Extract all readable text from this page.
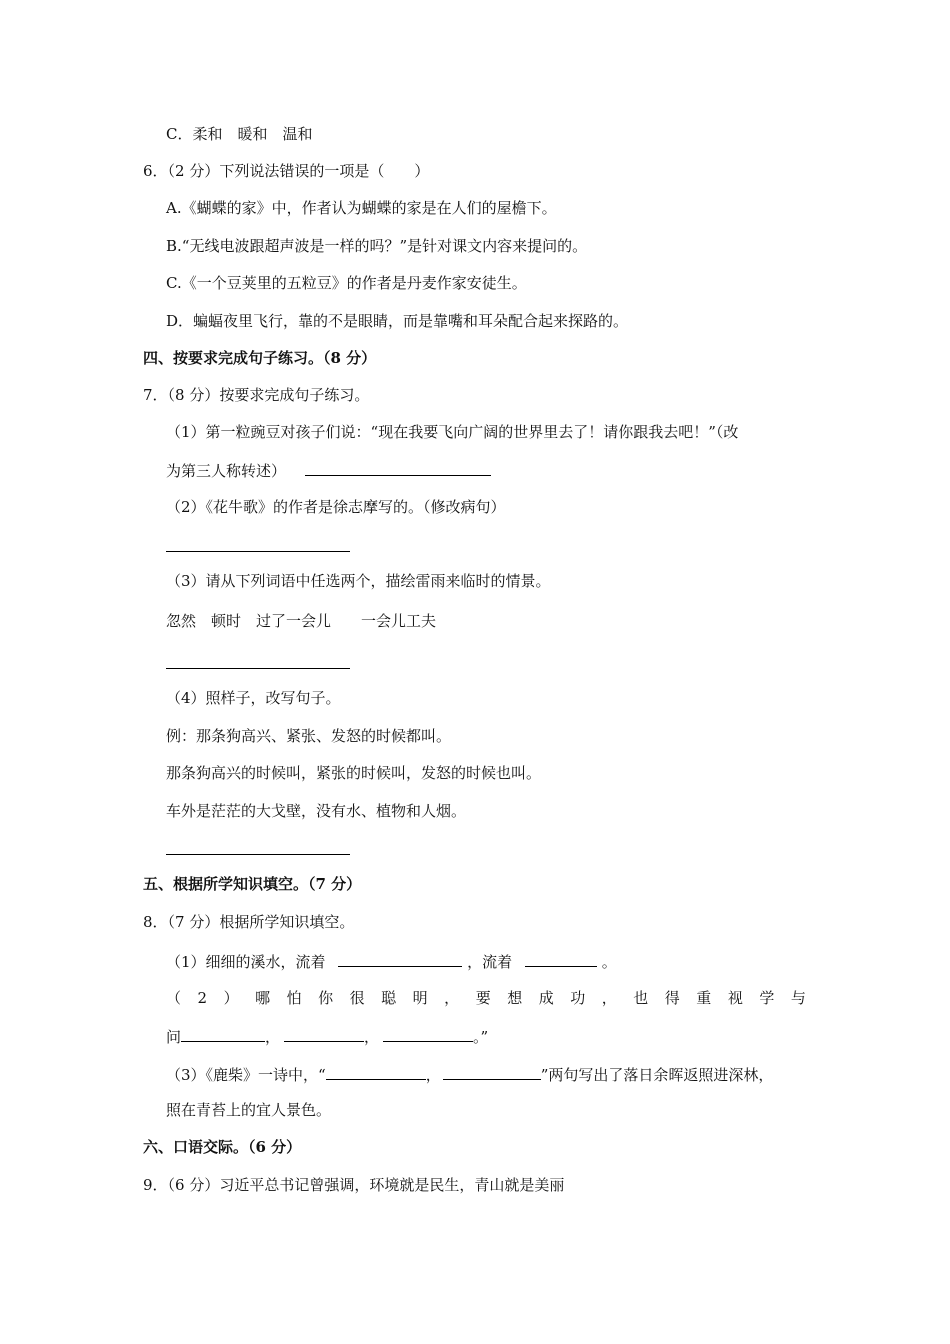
C．柔和　暖和　温和
6．（2 分）下列说法错误的一项是（　　）
A.《蝴蝶的家》中，作者认为蝴蝶的家是在人们的屋檐下。
B.“无线电波跟超声波是一样的吗？”是针对课文内容来提问的。
C.《一个豆荚里的五粒豆》的作者是丹麦作家安徒生。
D．蝙蝠夜里飞行，靠的不是眼睛，而是靠嘴和耳朵配合起来探路的。
四、按要求完成句子练习。（8 分）
7．（8 分）按要求完成句子练习。
（1）第一粒豌豆对孩子们说：“现在我要飞向广阔的世界里去了！请你跟我去吧！”（改
为第三人称转述）
（2）《花牛歌》的作者是徐志摩写的。（修改病句）
（3）请从下列词语中任选两个，描绘雷雨来临时的情景。
忽然　顿时　过了一会儿　　一会儿工夫
（4）照样子，改写句子。
例：那条狗高兴、紧张、发怒的时候都叫。
那条狗高兴的时候叫，紧张的时候叫，发怒的时候也叫。
车外是茫茫的大戈壁，没有水、植物和人烟。
五、根据所学知识填空。（7 分）
8．（7 分）根据所学知识填空。
（1）细细的溪水，流着	，流着	。
（ 2 ） 哪 怕 你 很 聪 明 ， 要 想 成 功 ， 也 得 重 视 学 与
问	，	，	。”
（3）《鹿柴》一诗中，“	，	”两句写出了落日余晖返照进深林，
照在青苔上的宜人景色。
六、口语交际。（6 分）
9．（6 分）习近平总书记曾强调，环境就是民生，青山就是美丽
